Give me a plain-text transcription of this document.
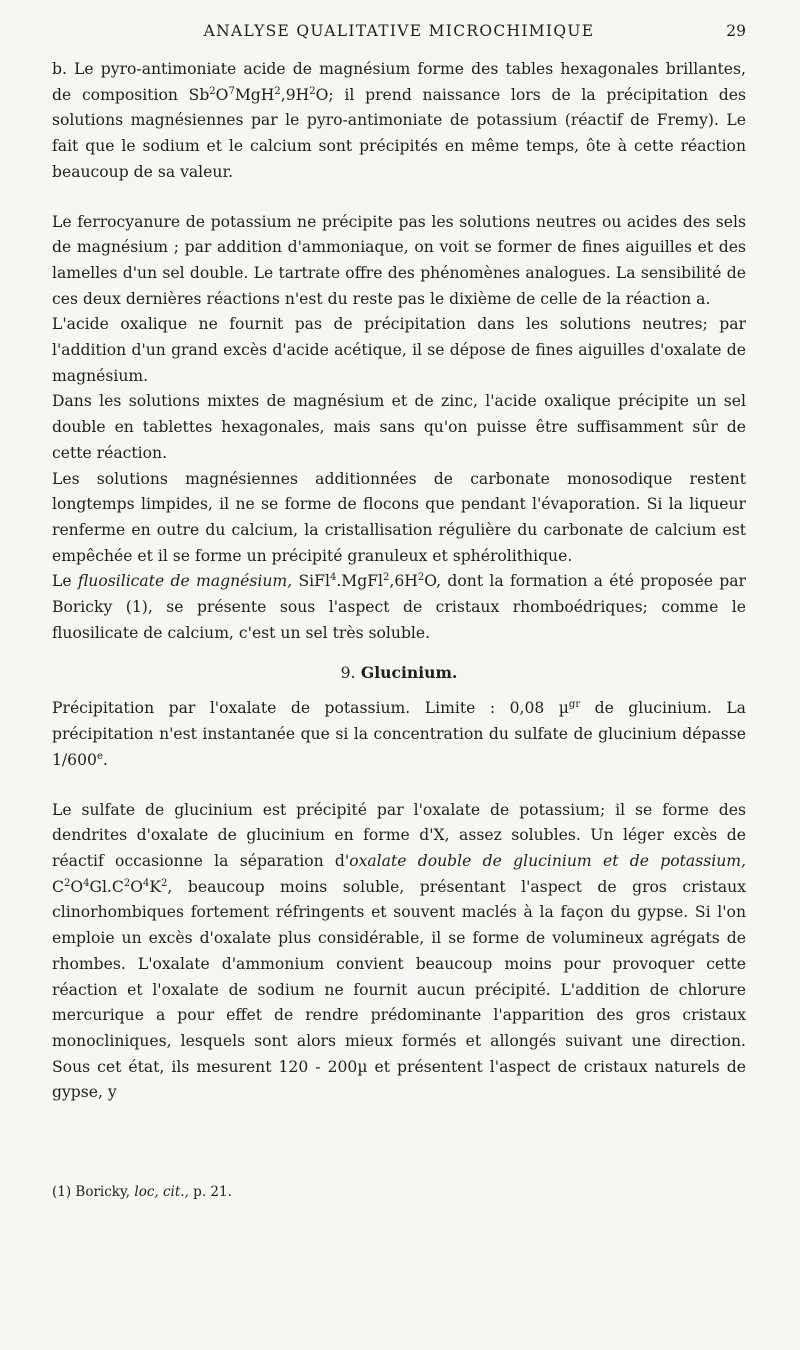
ANALYSE QUALITATIVE MICROCHIMIQUE	29

b. Le pyro-antimoniate acide de magnésium forme des tables hexagonales brillantes, de composition $Sb^2O^7MgH^2,9H^2O$; il prend naissance lors de la précipitation des solutions magnésiennes par le pyro-antimoniate de potassium (réactif de Fremy). Le fait que le sodium et le calcium sont précipités en même temps, ôte à cette réaction beaucoup de sa valeur.

Le ferrocyanure de potassium ne précipite pas les solutions neutres ou acides des sels de magnésium ; par addition d'ammoniaque, on voit se former de fines aiguilles et des lamelles d'un sel double. Le tartrate offre des phénomènes analogues. La sensibilité de ces deux dernières réactions n'est du reste pas le dixième de celle de la réaction a.

L'acide oxalique ne fournit pas de précipitation dans les solutions neutres; par l'addition d'un grand excès d'acide acétique, il se dépose de fines aiguilles d'oxalate de magnésium.

Dans les solutions mixtes de magnésium et de zinc, l'acide oxalique précipite un sel double en tablettes hexagonales, mais sans qu'on puisse être suffisamment sûr de cette réaction.

Les solutions magnésiennes additionnées de carbonate monosodique restent longtemps limpides, il ne se forme de flocons que pendant l'évaporation. Si la liqueur renferme en outre du calcium, la cristallisation régulière du carbonate de calcium est empêchée et il se forme un précipité granuleux et sphérolithique.

Le fluosilicate de magnésium, $SiFl^4.MgFl^2,6H^2O$, dont la formation a été proposée par Boricky (1), se présente sous l'aspect de cristaux rhomboédriques; comme le fluosilicate de calcium, c'est un sel très soluble.

9. Glucinium.

Précipitation par l'oxalate de potassium. Limite : 0,08 µ$^{gr}$ de glucinium. La précipitation n'est instantanée que si la concentration du sulfate de glucinium dépasse 1/600e.

Le sulfate de glucinium est précipité par l'oxalate de potassium; il se forme des dendrites d'oxalate de glucinium en forme d'X, assez solubles. Un léger excès de réactif occasionne la séparation d'oxalate double de glucinium et de potassium, $C^2O^4Gl.C^2O^4K^2$, beaucoup moins soluble, présentant l'aspect de gros cristaux clinorhombiques fortement réfringents et souvent maclés à la façon du gypse. Si l'on emploie un excès d'oxalate plus considérable, il se forme de volumineux agrégats de rhombes. L'oxalate d'ammonium convient beaucoup moins pour provoquer cette réaction et l'oxalate de sodium ne fournit aucun précipité. L'addition de chlorure mercurique a pour effet de rendre prédominante l'apparition des gros cristaux monocliniques, lesquels sont alors mieux formés et allongés suivant une direction. Sous cet état, ils mesurent 120 - 200µ et présentent l'aspect de cristaux naturels de gypse, y

(1) Boricky, loc, cit., p. 21.
